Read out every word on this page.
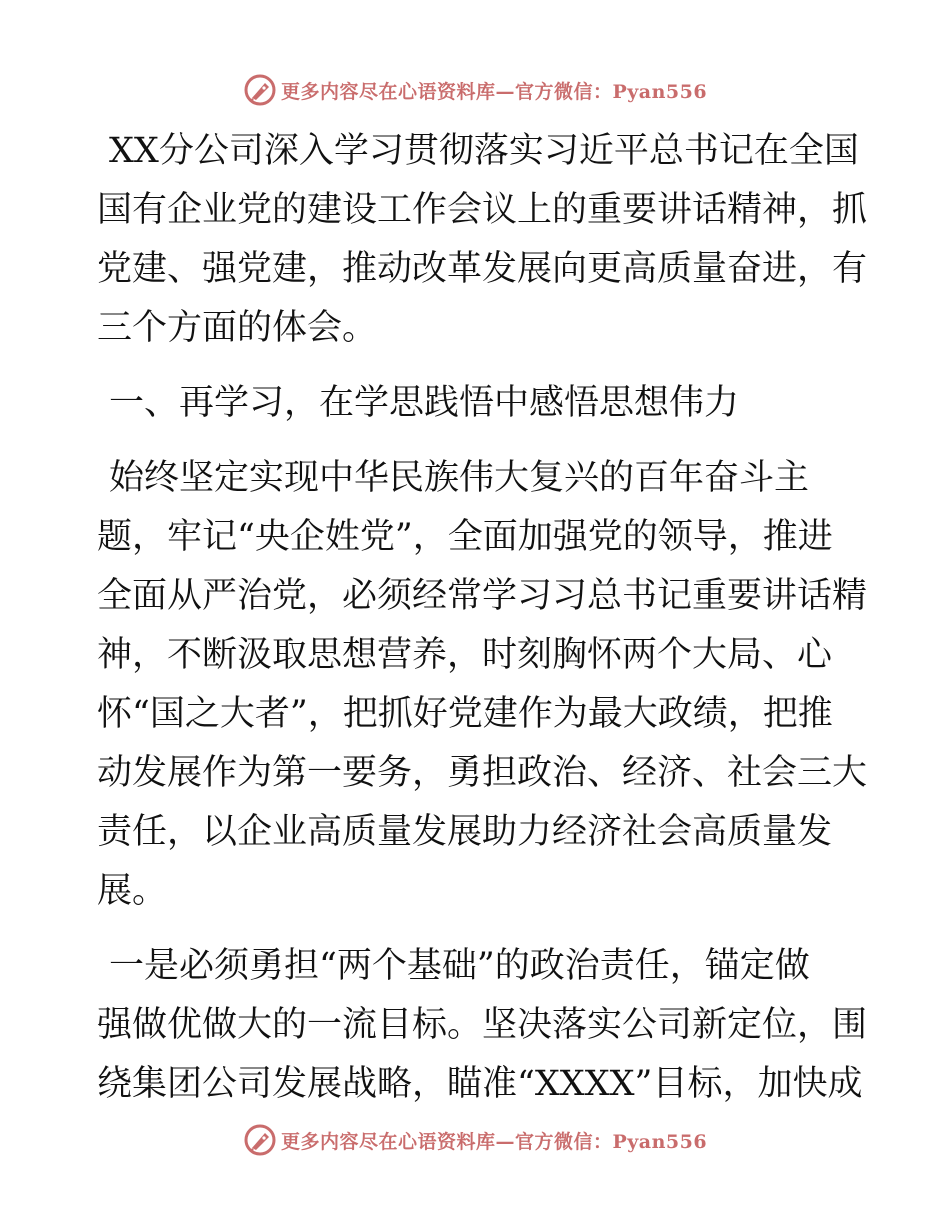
更多内容尽在心语资料库—官方微信：Pyan556
XX分公司深入学习贯彻落实习近平总书记在全国
国有企业党的建设工作会议上的重要讲话精神，抓
党建、强党建，推动改革发展向更高质量奋进，有
三个方面的体会。
一、再学习，在学思践悟中感悟思想伟力
始终坚定实现中华民族伟大复兴的百年奋斗主
题，牢记“央企姓党”，全面加强党的领导，推进
全面从严治党，必须经常学习习总书记重要讲话精
神，不断汲取思想营养，时刻胸怀两个大局、心
怀“国之大者”，把抓好党建作为最大政绩，把推
动发展作为第一要务，勇担政治、经济、社会三大
责任，以企业高质量发展助力经济社会高质量发
展。
一是必须勇担“两个基础”的政治责任，锚定做
强做优做大的一流目标。坚决落实公司新定位，围
绕集团公司发展战略，瞄准“XXXX”目标，加快成
更多内容尽在心语资料库—官方微信：Pyan556
